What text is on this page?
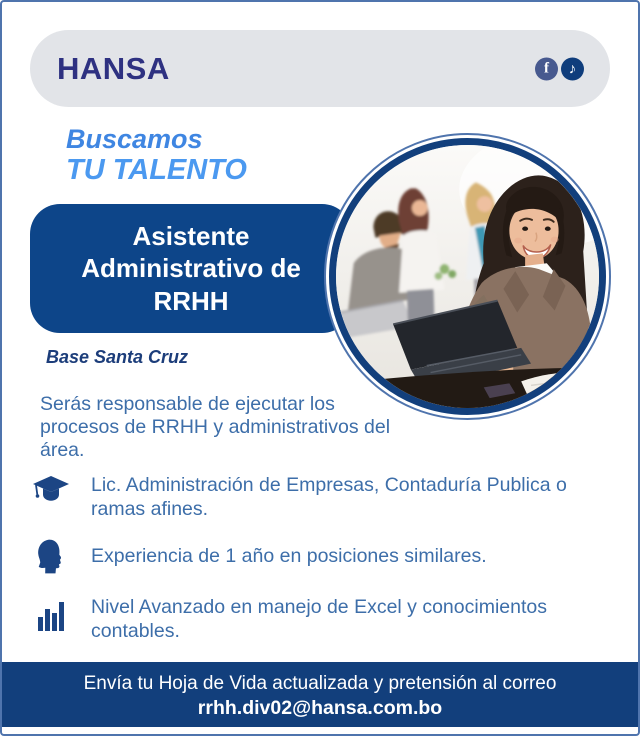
HANSA	f	♪
Buscamos
TU TALENTO
Asistente
Administrativo de
RRHH
Base Santa Cruz
Serás responsable de ejecutar los procesos de RRHH y administrativos del área.
Lic. Administración de Empresas, Contaduría Publica o ramas afines.
Experiencia de 1 año en posiciones similares.
Nivel Avanzado en manejo de Excel y conocimientos contables.
Envía tu Hoja de Vida actualizada y pretensión al correo
rrhh.div02@hansa.com.bo
